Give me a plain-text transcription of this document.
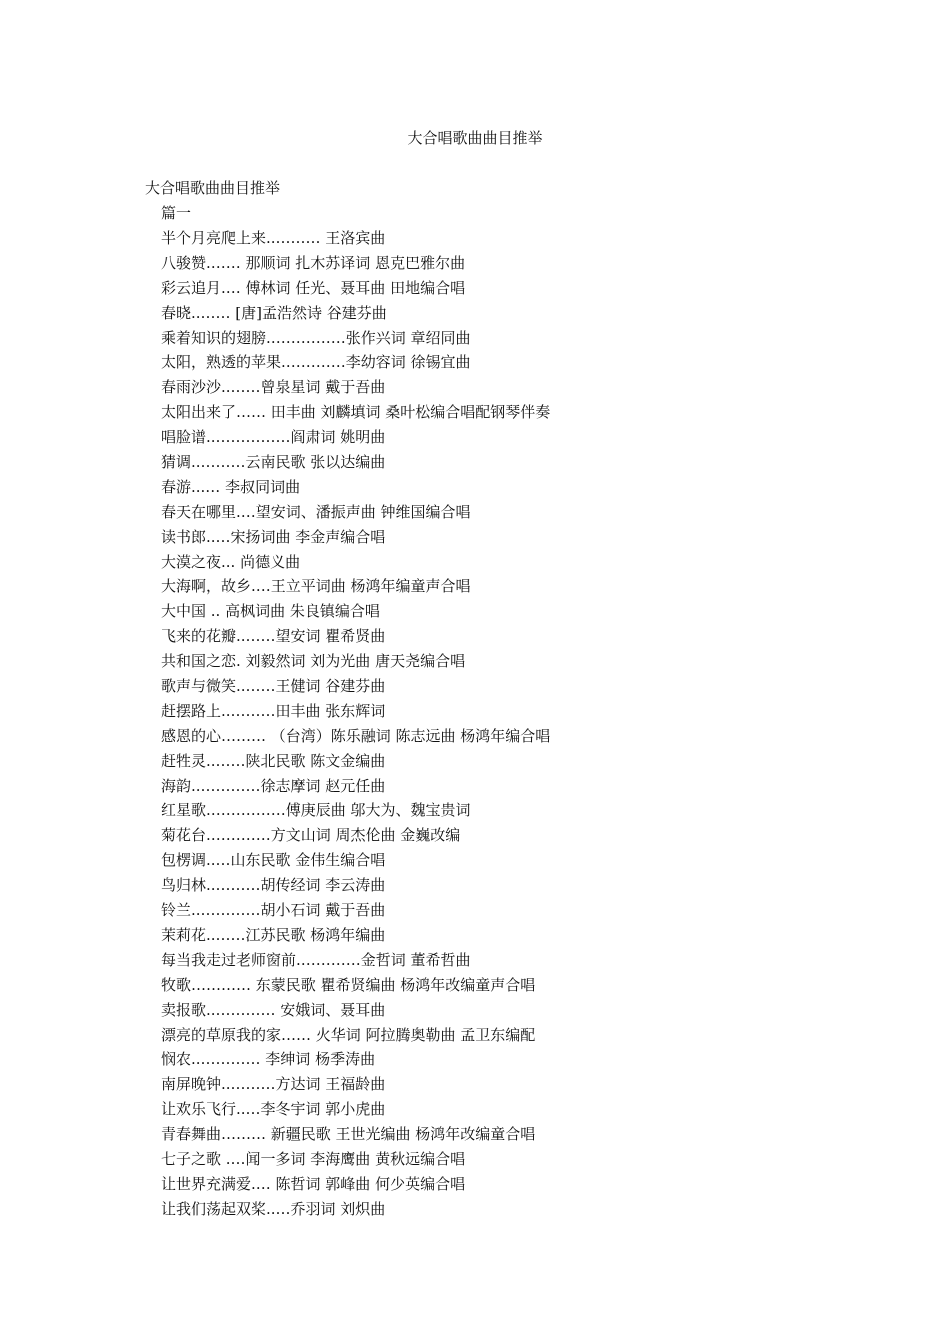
大合唱歌曲曲目推举
大合唱歌曲曲目推举
篇一
半个月亮爬上来..……… 王洛宾曲
八骏赞.…… 那顺词 扎木苏译词 恩克巴雅尔曲
彩云追月.… 傅林词 任光、聂耳曲 田地编合唱
春晓..…… [唐]孟浩然诗 谷建芬曲
乘着知识的翅膀.……………张作兴词 章绍同曲
太阳，熟透的苹果.…………李幼容词 徐锡宜曲
春雨沙沙..……曾泉星词 戴于吾曲
太阳出来了…… 田丰曲 刘麟填词 桑叶松编合唱配钢琴伴奏
唱脸谱..……………阎肃词 姚明曲
猜调..………云南民歌 张以达编曲
春游...… 李叔同词曲
春天在哪里.…望安词、潘振声曲 钟维国编合唱
读书郎..…宋扬词曲 李金声编合唱
大漠之夜... 尚德义曲
大海啊，故乡.…王立平词曲 杨鸿年编童声合唱
大中国 .. 高枫词曲 朱良镇编合唱
飞来的花瓣..……望安词 瞿希贤曲
共和国之恋. 刘毅然词 刘为光曲 唐天尧编合唱
歌声与微笑..……王健词 谷建芬曲
赶摆路上..………田丰曲 张东辉词
感恩的心……… （台湾）陈乐融词 陈志远曲 杨鸿年编合唱
赶牲灵..……陕北民歌 陈文金编曲
海韵..…………徐志摩词 赵元任曲
红星歌.……………傅庚辰曲 邬大为、魏宝贵词
菊花台.…………方文山词 周杰伦曲 金巍改编
包楞调..…山东民歌 金伟生编合唱
鸟归林..………胡传经词 李云涛曲
铃兰..…………胡小石词 戴于吾曲
茉莉花..……江苏民歌 杨鸿年编曲
每当我走过老师窗前.…………金哲词 董希哲曲
牧歌………… 东蒙民歌 瞿希贤编曲 杨鸿年改编童声合唱
卖报歌..………… 安娥词、聂耳曲
漂亮的草原我的家…… 火华词 阿拉腾奥勒曲 孟卫东编配
悯农..………… 李绅词 杨季涛曲
南屏晚钟..………方达词 王福龄曲
让欢乐飞行..…李冬宇词 郭小虎曲
青春舞曲……… 新疆民歌 王世光编曲 杨鸿年改编童合唱
七子之歌 .…闻一多词 李海鹰曲 黄秋远编合唱
让世界充满爱.… 陈哲词 郭峰曲 何少英编合唱
让我们荡起双桨..…乔羽词 刘炽曲
